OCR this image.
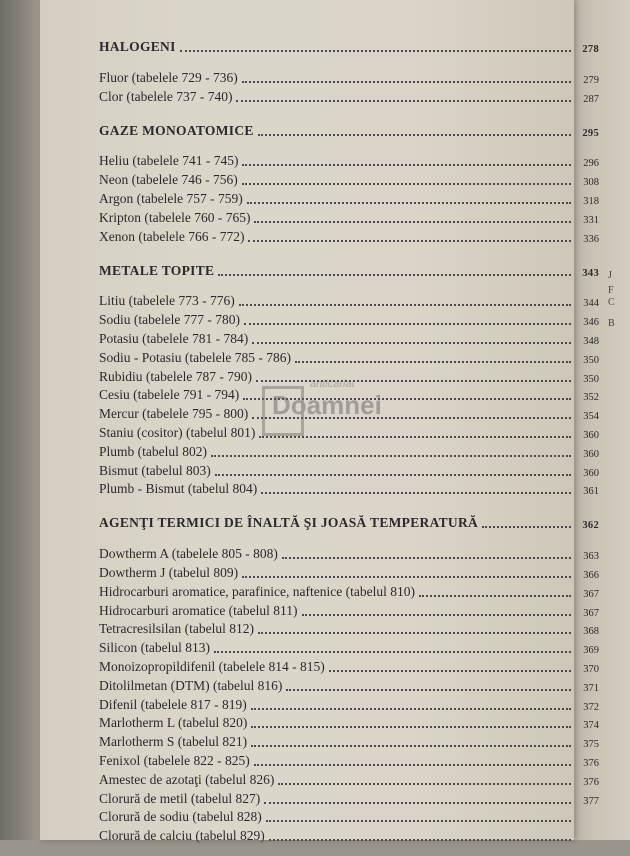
J
F
C
B
HALOGENI	278
Fluor (tabelele 729 - 736)	279
Clor (tabelele 737 - 740)	287
GAZE MONOATOMICE	295
Heliu (tabelele 741 - 745)	296
Neon (tabelele 746 - 756)	308
Argon (tabelele 757 - 759)	318
Kripton (tabelele 760 - 765)	331
Xenon (tabelele 766 - 772)	336
METALE TOPITE	343
Litiu (tabelele 773 - 776)	344
Sodiu (tabelele 777 - 780)	346
Potasiu (tabelele 781 - 784)	348
Sodiu - Potasiu (tabelele 785 - 786)	350
Rubidiu (tabelele 787 - 790)	350
Cesiu (tabelele 791 - 794)	352
Mercur (tabelele 795 - 800)	354
Staniu (cositor) (tabelul 801)	360
Plumb (tabelul 802)	360
Bismut (tabelul 803)	360
Plumb - Bismut (tabelul 804)	361
AGENŢI TERMICI DE ÎNALTĂ ŞI JOASĂ TEMPERATURĂ	362
Dowtherm A (tabelele 805 - 808)	363
Dowtherm J (tabelul 809)	366
Hidrocarburi aromatice, parafinice, naftenice (tabelul 810)	367
Hidrocarburi aromatice (tabelul 811)	367
Tetracresilsilan (tabelul 812)	368
Silicon (tabelul 813)	369
Monoizopropildifenil (tabelele 814 - 815)	370
Ditolilmetan (DTM) (tabelul 816)	371
Difenil (tabelele 817 - 819)	372
Marlotherm L (tabelul 820)	374
Marlotherm S (tabelul 821)	375
Fenixol (tabelele 822 - 825)	376
Amestec de azotaţi (tabelul 826)	376
Clorură de metil (tabelul 827)	377
Clorură de sodiu (tabelul 828)
Clorură de calciu (tabelul 829)
anticariat
Doamnei
